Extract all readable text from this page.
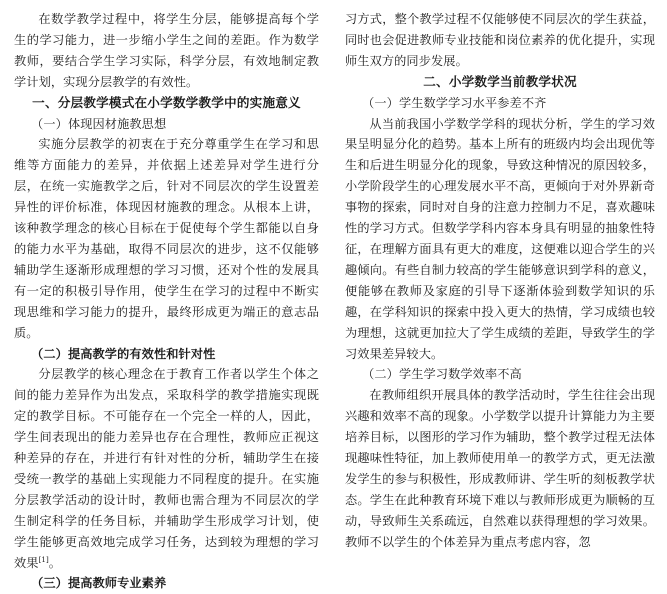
在数学教学过程中，将学生分层，能够提高每个学生的学习能力，进一步缩小学生之间的差距。作为数学教师，要结合学生学习实际，科学分层，有效地制定教学计划，实现分层教学的有效性。

一、分层教学模式在小学数学教学中的实施意义

（一）体现因材施教思想

实施分层教学的初衷在于充分尊重学生在学习和思维等方面能力的差异，并依据上述差异对学生进行分层，在统一实施教学之后，针对不同层次的学生设置差异性的评价标准，体现因材施教的理念。从根本上讲，该种教学理念的核心目标在于促使每个学生都能以自身的能力水平为基础，取得不同层次的进步，这不仅能够辅助学生逐渐形成理想的学习习惯，还对个性的发展具有一定的积极引导作用，使学生在学习的过程中不断实现思维和学习能力的提升，最终形成更为端正的意志品质。

（二）提高教学的有效性和针对性

分层教学的核心理念在于教育工作者以学生个体之间的能力差异作为出发点，采取科学的教学措施实现既定的教学目标。不可能存在一个完全一样的人，因此，学生间表现出的能力差异也存在合理性，教师应正视这种差异的存在，并进行有针对性的分析，辅助学生在接受统一教学的基础上实现能力不同程度的提升。在实施分层教学活动的设计时，教师也需合理为不同层次的学生制定科学的任务目标，并辅助学生形成学习计划，使学生能够更高效地完成学习任务，达到较为理想的学习效果[1]。

（三）提高教师专业素养

习方式，整个教学过程不仅能够使不同层次的学生获益，同时也会促进教师专业技能和岗位素养的优化提升，实现师生双方的同步发展。

二、小学数学当前教学状况

（一）学生数学学习水平参差不齐

从当前我国小学数学学科的现状分析，学生的学习效果呈明显分化的趋势。基本上所有的班级内均会出现优等生和后进生明显分化的现象，导致这种情况的原因较多，小学阶段学生的心理发展水平不高，更倾向于对外界新奇事物的探索，同时对自身的注意力控制力不足，喜欢趣味性的学习方式。但数学学科内容本身具有明显的抽象性特征，在理解方面具有更大的难度，这便难以迎合学生的兴趣倾向。有些自制力较高的学生能够意识到学科的意义，便能够在教师及家庭的引导下逐渐体验到数学知识的乐趣，在学科知识的探索中投入更大的热情，学习成绩也较为理想，这就更加拉大了学生成绩的差距，导致学生的学习效果差异较大。

（二）学生学习数学效率不高

在教师组织开展具体的教学活动时，学生往往会出现兴趣和效率不高的现象。小学数学以提升计算能力为主要培养目标，以图形的学习作为辅助，整个教学过程无法体现趣味性特征，加上教师使用单一的教学方式，更无法激发学生的参与积极性，形成教师讲、学生听的刻板教学状态。学生在此种教育环境下难以与教师形成更为顺畅的互动，导致师生关系疏远，自然难以获得理想的学习效果。教师不以学生的个体差异为重点考虑内容，忽
